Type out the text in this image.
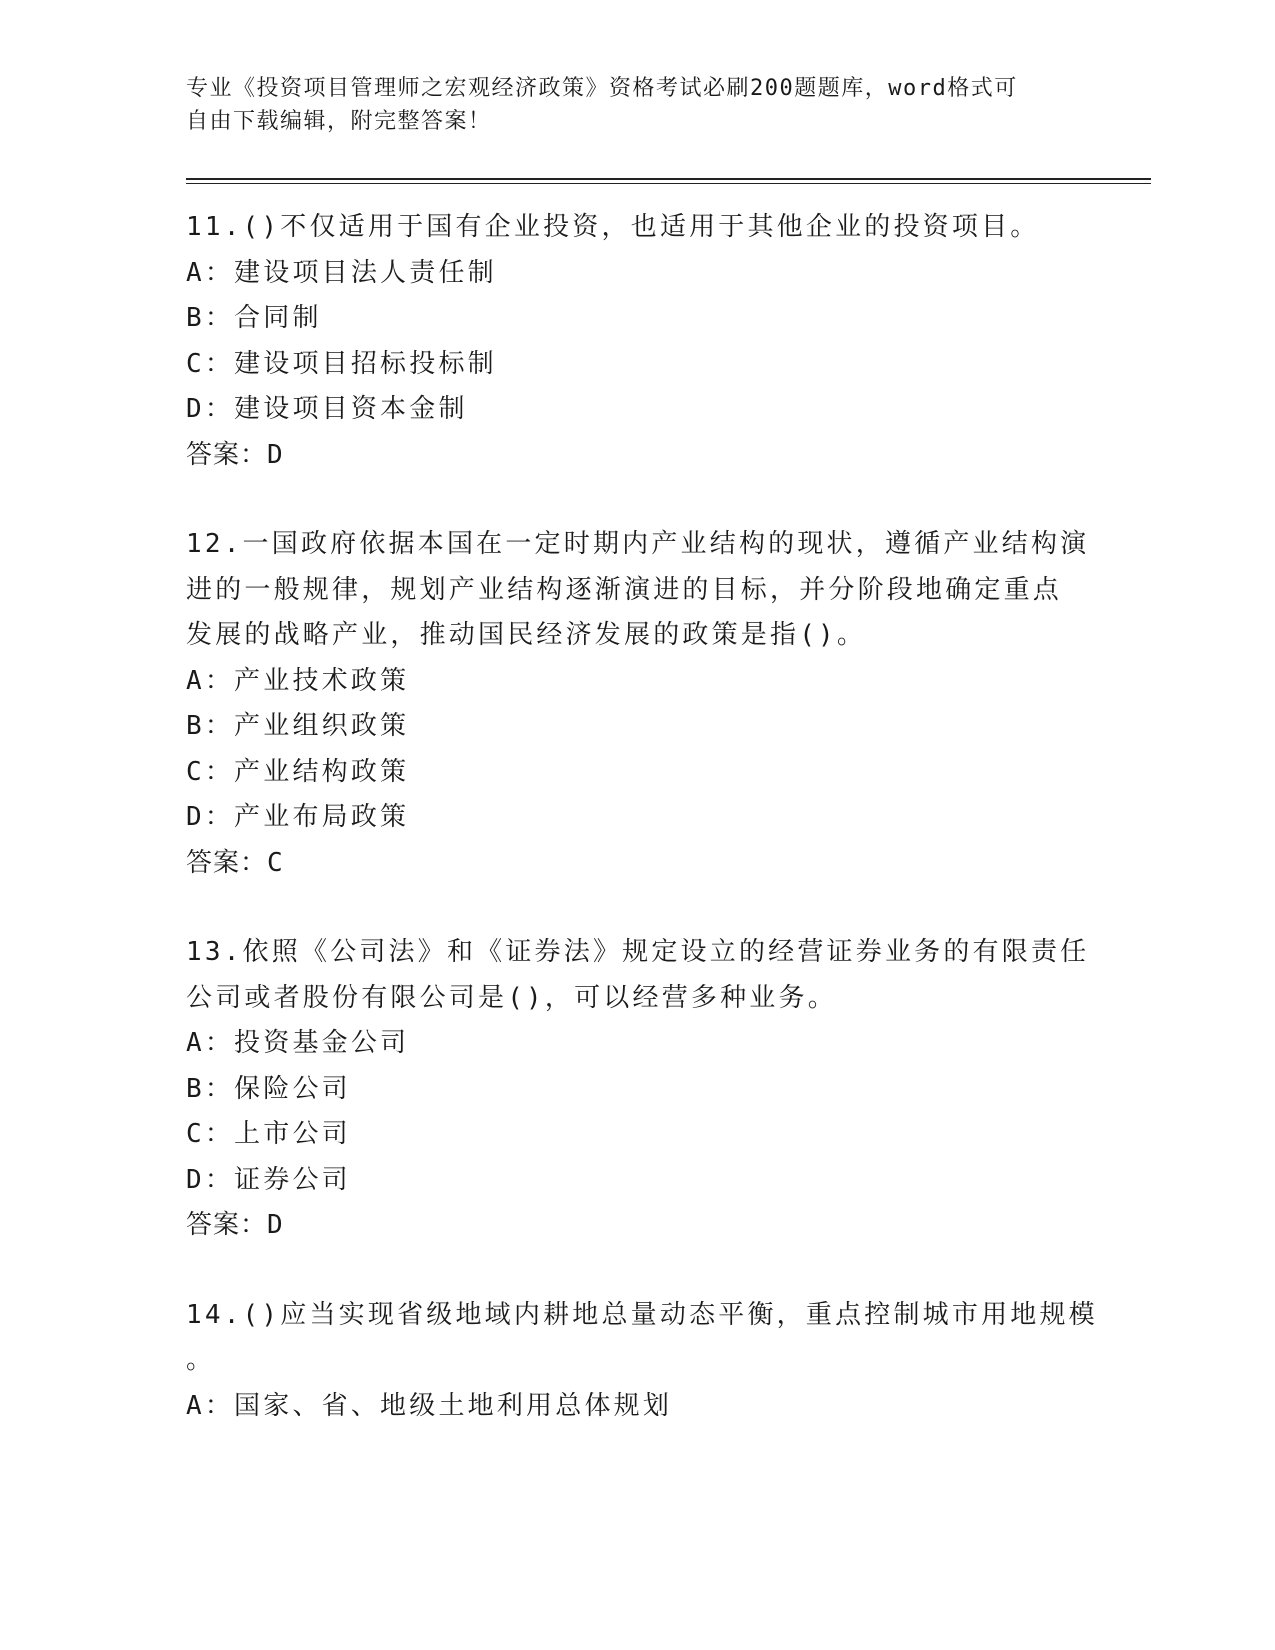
专业《投资项目管理师之宏观经济政策》资格考试必刷200题题库，word格式可
自由下载编辑，附完整答案！
11.()不仅适用于国有企业投资，也适用于其他企业的投资项目。
A：建设项目法人责任制
B：合同制
C：建设项目招标投标制
D：建设项目资本金制
答案：D
12.一国政府依据本国在一定时期内产业结构的现状，遵循产业结构演
进的一般规律，规划产业结构逐渐演进的目标，并分阶段地确定重点
发展的战略产业，推动国民经济发展的政策是指()。
A：产业技术政策
B：产业组织政策
C：产业结构政策
D：产业布局政策
答案：C
13.依照《公司法》和《证券法》规定设立的经营证券业务的有限责任
公司或者股份有限公司是()，可以经营多种业务。
A：投资基金公司
B：保险公司
C：上市公司
D：证券公司
答案：D
14.()应当实现省级地域内耕地总量动态平衡，重点控制城市用地规模
。
A：国家、省、地级土地利用总体规划
